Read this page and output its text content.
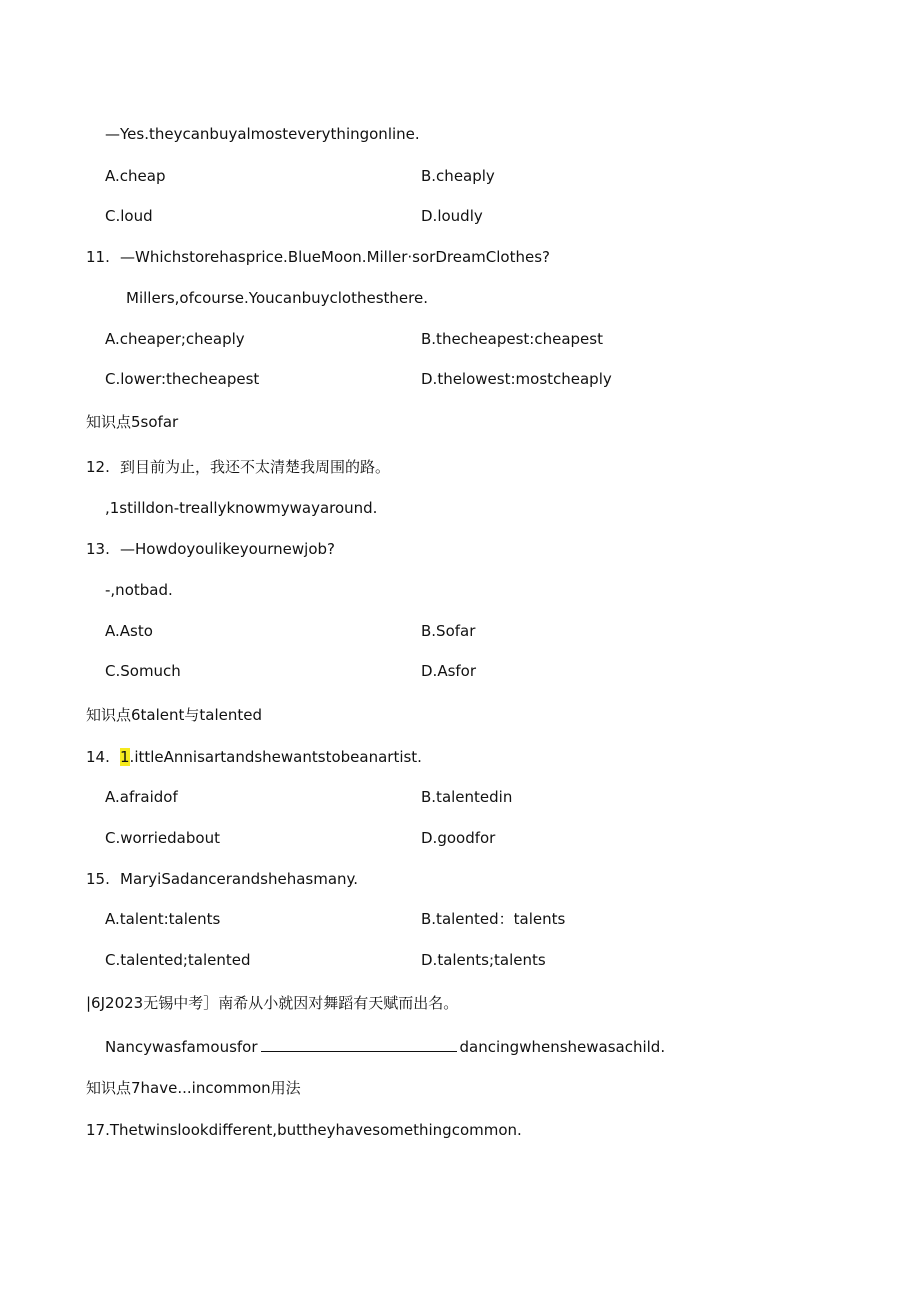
—Yes.theycanbuyalmosteverythingonline.
A.cheap	B.cheaply
C.loud	D.loudly
11. —Whichstorehasprice.BlueMoon.Miller·sorDreamClothes?
Millers,ofcourse.Youcanbuyclothesthere.
A.cheaper;cheaply	B.thecheapest:cheapest
C.lower:thecheapest	D.thelowest:mostcheaply
知识点5sofar
12. 到目前为止，我还不太清楚我周围的路。
,1stilldon-treallyknowmywayaround.
13. —Howdoyoulikeyournewjob?
-,notbad.
A.Asto	B.Sofar
C.Somuch	D.Asfor
知识点6talent与talented
14. 1.ittleAnnisartandshewantstobeanartist.
A.afraidof	B.talentedin
C.worriedabout	D.goodfor
15. MaryiSadancerandshehasmany.
A.talent:talents	B.talented：talents
C.talented;talented	D.talents;talents
|6J2023无锡中考］南希从小就因对舞蹈有天赋而出名。
Nancywasfamousfor	dancingwhenshewasachild.
知识点7have...incommon用法
17.Thetwinslookdifferent,buttheyhavesomethingcommon.
